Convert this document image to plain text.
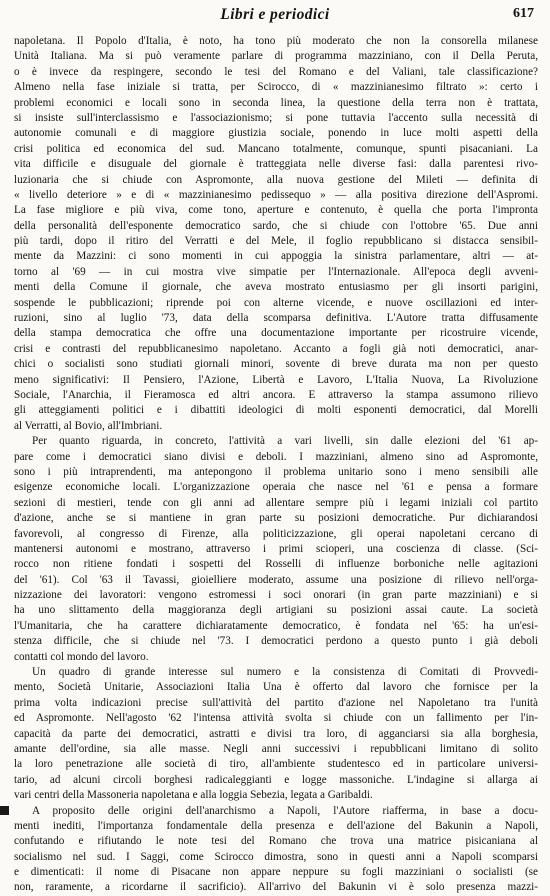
Libri e periodici	617
napoletana. Il Popolo d'Italia, è noto, ha tono più moderato che non la consorella milanese
Unità Italiana. Ma si può veramente parlare di programma mazziniano, con il Della Peruta,
o è invece da respingere, secondo le tesi del Romano e del Valiani, tale classificazione?
Almeno nella fase iniziale si tratta, per Scirocco, di « mazzinianesimo filtrato »: certo i
problemi economici e locali sono in seconda linea, la questione della terra non è trattata,
si insiste sull'interclassismo e l'associazionismo; si pone tuttavia l'accento sulla necessità di
autonomie comunali e di maggiore giustizia sociale, ponendo in luce molti aspetti della
crisi politica ed economica del sud. Mancano totalmente, comunque, spunti pisacaniani. La
vita difficile e disuguale del giornale è tratteggiata nelle diverse fasi: dalla parentesi rivo-
luzionaria che si chiude con Aspromonte, alla nuova gestione del Mileti — definita di
« livello deteriore » e di « mazzinianesimo pedissequo » — alla positiva direzione dell'Aspromi.
La fase migliore e più viva, come tono, aperture e contenuto, è quella che porta l'impronta
della personalità dell'esponente democratico sardo, che si chiude con l'ottobre '65. Due anni
più tardi, dopo il ritiro del Verratti e del Mele, il foglio repubblicano si distacca sensibil-
mente da Mazzini: ci sono momenti in cui appoggia la sinistra parlamentare, altri — at-
torno al '69 — in cui mostra vive simpatie per l'Internazionale. All'epoca degli avveni-
menti della Comune il giornale, che aveva mostrato entusiasmo per gli insorti parigini,
sospende le pubblicazioni; riprende poi con alterne vicende, e nuove oscillazioni ed inter-
ruzioni, sino al luglio '73, data della scomparsa definitiva. L'Autore tratta diffusamente
della stampa democratica che offre una documentazione importante per ricostruire vicende,
crisi e contrasti del repubblicanesimo napoletano. Accanto a fogli già noti democratici, anar-
chici o socialisti sono studiati giornali minori, sovente di breve durata ma non per questo
meno significativi: Il Pensiero, l'Azione, Libertà e Lavoro, L'Italia Nuova, La Rivoluzione
Sociale, l'Anarchia, il Fieramosca ed altri ancora. E attraverso la stampa assumono rilievo
gli atteggiamenti politici e i dibattiti ideologici di molti esponenti democratici, dal Morelli
al Verratti, al Bovio, all'Imbriani.
Per quanto riguarda, in concreto, l'attività a vari livelli, sin dalle elezioni del '61 ap-
pare come i democratici siano divisi e deboli. I mazziniani, almeno sino ad Aspromonte,
sono i più intraprendenti, ma antepongono il problema unitario sono i meno sensibili alle
esigenze economiche locali. L'organizzazione operaia che nasce nel '61 e pensa a formare
sezioni di mestieri, tende con gli anni ad allentare sempre più i legami iniziali col partito
d'azione, anche se si mantiene in gran parte su posizioni democratiche. Pur dichiarandosi
favorevoli, al congresso di Firenze, alla politicizzazione, gli operai napoletani cercano di
mantenersi autonomi e mostrano, attraverso i primi scioperi, una coscienza di classe. (Sci-
rocco non ritiene fondati i sospetti del Rosselli di influenze borboniche nelle agitazioni
del '61). Col '63 il Tavassi, gioielliere moderato, assume una posizione di rilievo nell'orga-
nizzazione dei lavoratori: vengono estromessi i soci onorari (in gran parte mazziniani) e si
ha uno slittamento della maggioranza degli artigiani su posizioni assai caute. La società
l'Umanitaria, che ha carattere dichiaratamente democratico, è fondata nel '65: ha un'esi-
stenza difficile, che si chiude nel '73. I democratici perdono a questo punto i già deboli
contatti col mondo del lavoro.
Un quadro di grande interesse sul numero e la consistenza di Comitati di Provvedi-
mento, Società Unitarie, Associazioni Italia Una è offerto dal lavoro che fornisce per la
prima volta indicazioni precise sull'attività del partito d'azione nel Napoletano tra l'unità
ed Aspromonte. Nell'agosto '62 l'intensa attività svolta si chiude con un fallimento per l'in-
capacità da parte dei democratici, astratti e divisi tra loro, di agganciarsi sia alla borghesia,
amante dell'ordine, sia alle masse. Negli anni successivi i repubblicani limitano di solito
la loro penetrazione alle società di tiro, all'ambiente studentesco ed in particolare universi-
tario, ad alcuni circoli borghesi radicaleggianti e logge massoniche. L'indagine si allarga ai
vari centri della Massoneria napoletana e alla loggia Sebezia, legata a Garibaldi.
A proposito delle origini dell'anarchismo a Napoli, l'Autore riafferma, in base a docu-
menti inediti, l'importanza fondamentale della presenza e dell'azione del Bakunin a Napoli,
confutando e rifiutando le note tesi del Romano che trova una matrice pisicaniana al
socialismo nel sud. I Saggi, come Scirocco dimostra, sono in questi anni a Napoli scomparsi
e dimenticati: il nome di Pisacane non appare neppure su fogli mazziniani o socialisti (se
non, raramente, a ricordarne il sacrificio). All'arrivo del Bakunin vi è solo presenza mazzi-
